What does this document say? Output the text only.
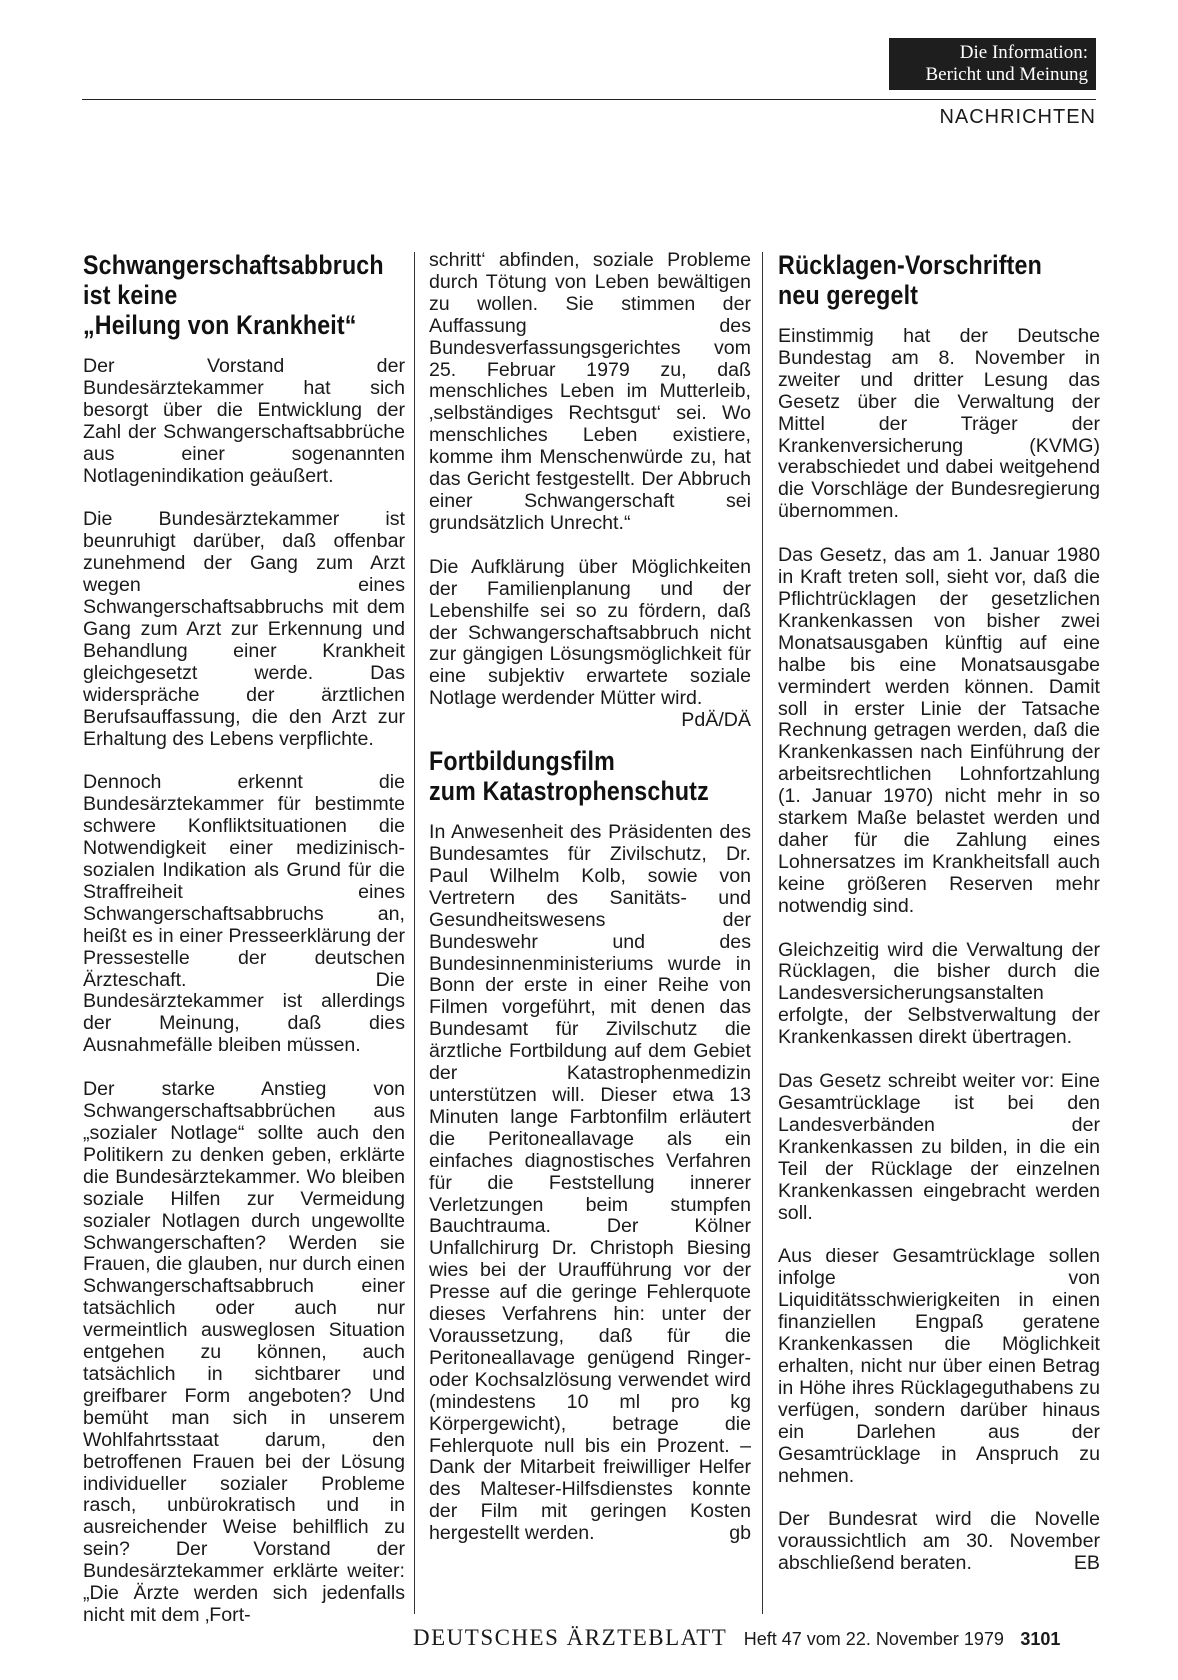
Die Information:
Bericht und Meinung
NACHRICHTEN
Schwangerschaftsabbruch
ist keine
„Heilung von Krankheit“

Der Vorstand der Bundesärztekammer hat sich besorgt über die Entwicklung der Zahl der Schwangerschaftsabbrüche aus einer sogenannten Notlagenindikation geäußert.

Die Bundesärztekammer ist beunruhigt darüber, daß offenbar zunehmend der Gang zum Arzt wegen eines Schwangerschaftsabbruchs mit dem Gang zum Arzt zur Erkennung und Behandlung einer Krankheit gleichgesetzt werde. Das widerspräche der ärztlichen Berufsauffassung, die den Arzt zur Erhaltung des Lebens verpflichte.

Dennoch erkennt die Bundesärztekammer für bestimmte schwere Konfliktsituationen die Notwendigkeit einer medizinisch-sozialen Indikation als Grund für die Straffreiheit eines Schwangerschaftsabbruchs an, heißt es in einer Presseerklärung der Pressestelle der deutschen Ärzteschaft. Die Bundesärztekammer ist allerdings der Meinung, daß dies Ausnahmefälle bleiben müssen.

Der starke Anstieg von Schwangerschaftsabbrüchen aus „sozialer Notlage“ sollte auch den Politikern zu denken geben, erklärte die Bundesärztekammer. Wo bleiben soziale Hilfen zur Vermeidung sozialer Notlagen durch ungewollte Schwangerschaften? Werden sie Frauen, die glauben, nur durch einen Schwangerschaftsabbruch einer tatsächlich oder auch nur vermeintlich ausweglosen Situation entgehen zu können, auch tatsächlich in sichtbarer und greifbarer Form angeboten? Und bemüht man sich in unserem Wohlfahrtsstaat darum, den betroffenen Frauen bei der Lösung individueller sozialer Probleme rasch, unbürokratisch und in ausreichender Weise behilflich zu sein? Der Vorstand der Bundesärztekammer erklärte weiter: „Die Ärzte werden sich jedenfalls nicht mit dem ‚Fort-

schritt‘ abfinden, soziale Probleme durch Tötung von Leben bewältigen zu wollen. Sie stimmen der Auffassung des Bundesverfassungsgerichtes vom 25. Februar 1979 zu, daß menschliches Leben im Mutterleib, ‚selbständiges Rechtsgut‘ sei. Wo menschliches Leben existiere, komme ihm Menschenwürde zu, hat das Gericht festgestellt. Der Abbruch einer Schwangerschaft sei grundsätzlich Unrecht.“

Die Aufklärung über Möglichkeiten der Familienplanung und der Lebenshilfe sei so zu fördern, daß der Schwangerschaftsabbruch nicht zur gängigen Lösungsmöglichkeit für eine subjektiv erwartete soziale Notlage werdender Mütter wird.
PdÄ/DÄ

Fortbildungsfilm
zum Katastrophenschutz

In Anwesenheit des Präsidenten des Bundesamtes für Zivilschutz, Dr. Paul Wilhelm Kolb, sowie von Vertretern des Sanitäts- und Gesundheitswesens der Bundeswehr und des Bundesinnenministeriums wurde in Bonn der erste in einer Reihe von Filmen vorgeführt, mit denen das Bundesamt für Zivilschutz die ärztliche Fortbildung auf dem Gebiet der Katastrophenmedizin unterstützen will. Dieser etwa 13 Minuten lange Farbtonfilm erläutert die Peritoneallavage als ein einfaches diagnostisches Verfahren für die Feststellung innerer Verletzungen beim stumpfen Bauchtrauma. Der Kölner Unfallchirurg Dr. Christoph Biesing wies bei der Uraufführung vor der Presse auf die geringe Fehlerquote dieses Verfahrens hin: unter der Voraussetzung, daß für die Peritoneallavage genügend Ringer- oder Kochsalzlösung verwendet wird (mindestens 10 ml pro kg Körpergewicht), betrage die Fehlerquote null bis ein Prozent. – Dank der Mitarbeit freiwilliger Helfer des Malteser-Hilfsdienstes konnte der Film mit geringen Kosten hergestellt werden.	gb

Rücklagen-Vorschriften
neu geregelt

Einstimmig hat der Deutsche Bundestag am 8. November in zweiter und dritter Lesung das Gesetz über die Verwaltung der Mittel der Träger der Krankenversicherung (KVMG) verabschiedet und dabei weitgehend die Vorschläge der Bundesregierung übernommen.

Das Gesetz, das am 1. Januar 1980 in Kraft treten soll, sieht vor, daß die Pflichtrücklagen der gesetzlichen Krankenkassen von bisher zwei Monatsausgaben künftig auf eine halbe bis eine Monatsausgabe vermindert werden können. Damit soll in erster Linie der Tatsache Rechnung getragen werden, daß die Krankenkassen nach Einführung der arbeitsrechtlichen Lohnfortzahlung (1. Januar 1970) nicht mehr in so starkem Maße belastet werden und daher für die Zahlung eines Lohnersatzes im Krankheitsfall auch keine größeren Reserven mehr notwendig sind.

Gleichzeitig wird die Verwaltung der Rücklagen, die bisher durch die Landesversicherungsanstalten erfolgte, der Selbstverwaltung der Krankenkassen direkt übertragen.

Das Gesetz schreibt weiter vor: Eine Gesamtrücklage ist bei den Landesverbänden der Krankenkassen zu bilden, in die ein Teil der Rücklage der einzelnen Krankenkassen eingebracht werden soll.

Aus dieser Gesamtrücklage sollen infolge von Liquiditätsschwierigkeiten in einen finanziellen Engpaß geratene Krankenkassen die Möglichkeit erhalten, nicht nur über einen Betrag in Höhe ihres Rücklageguthabens zu verfügen, sondern darüber hinaus ein Darlehen aus der Gesamtrücklage in Anspruch zu nehmen.

Der Bundesrat wird die Novelle voraussichtlich am 30. November abschließend beraten.	EB

DEUTSCHES ÄRZTEBLATT Heft 47 vom 22. November 1979 3101
